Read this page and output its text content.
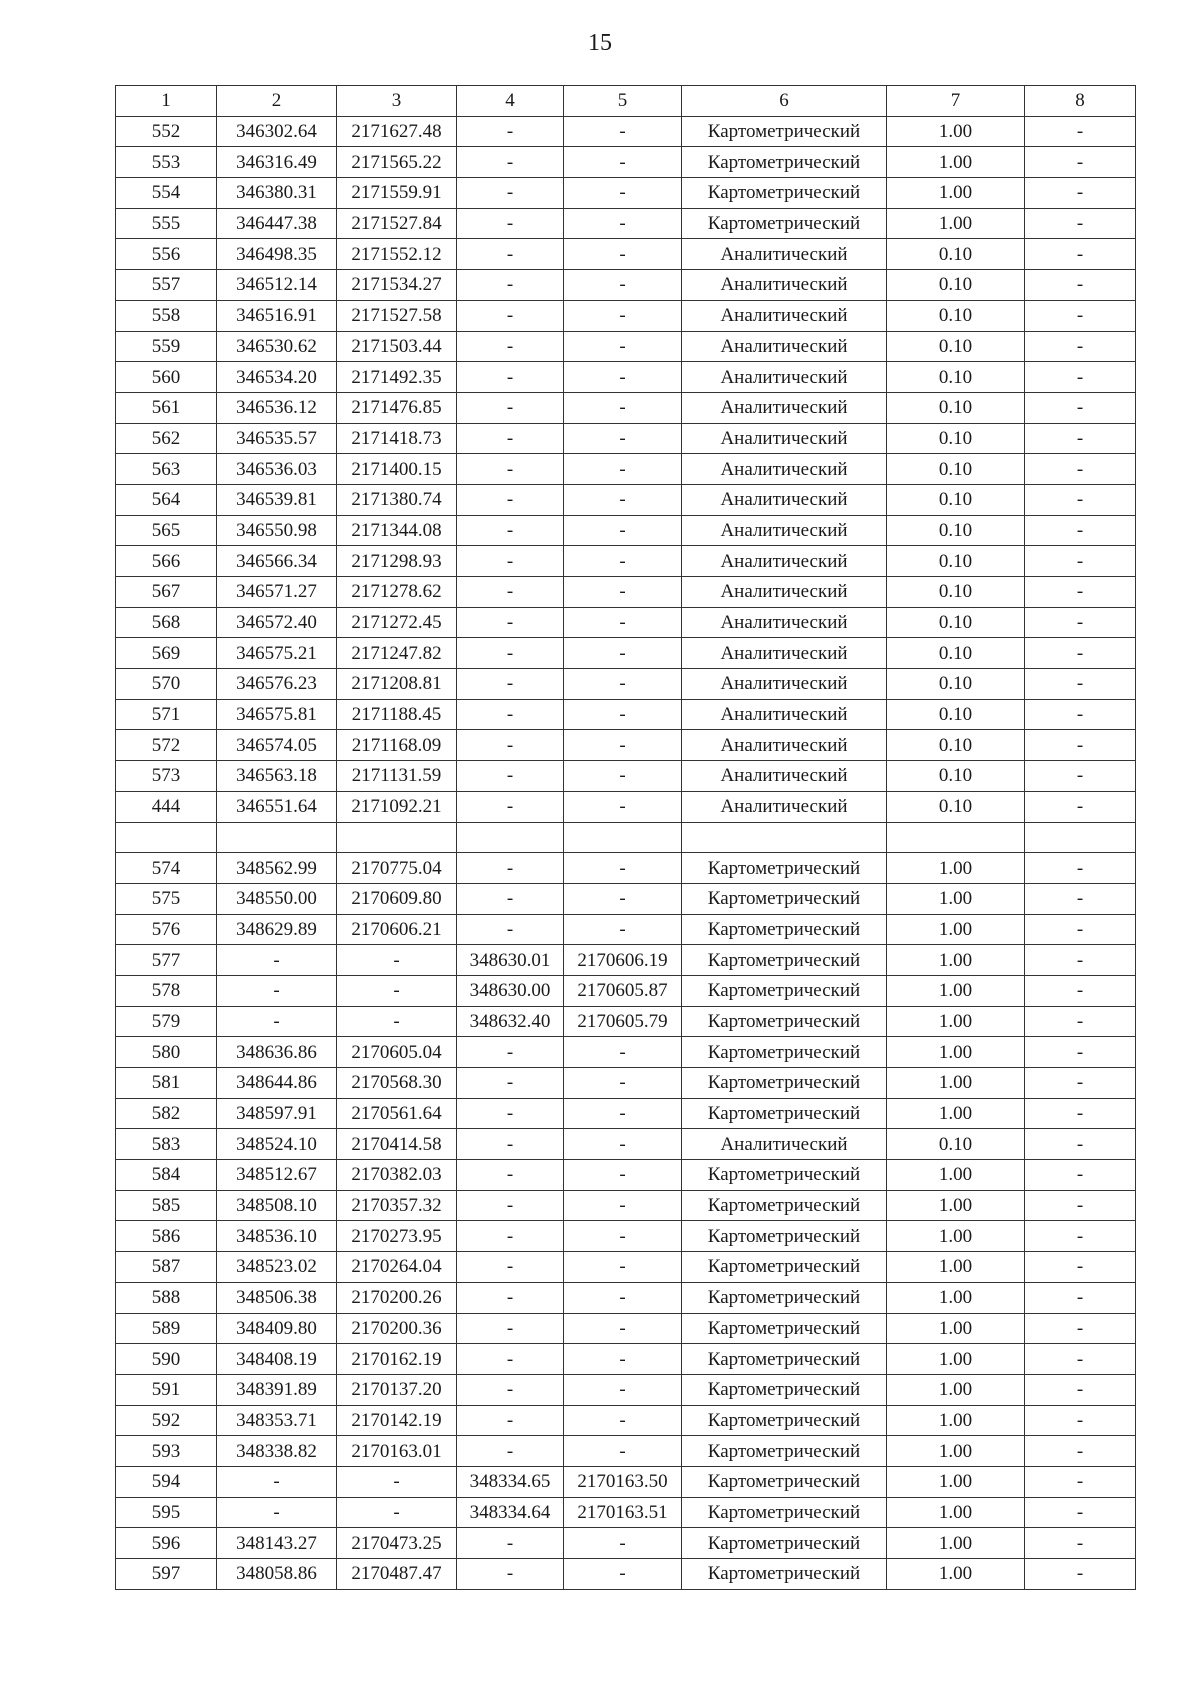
15
1	2	3	4	5	6	7	8
552	346302.64	2171627.48	-	-	Картометрический	1.00	-
553	346316.49	2171565.22	-	-	Картометрический	1.00	-
554	346380.31	2171559.91	-	-	Картометрический	1.00	-
555	346447.38	2171527.84	-	-	Картометрический	1.00	-
556	346498.35	2171552.12	-	-	Аналитический	0.10	-
557	346512.14	2171534.27	-	-	Аналитический	0.10	-
558	346516.91	2171527.58	-	-	Аналитический	0.10	-
559	346530.62	2171503.44	-	-	Аналитический	0.10	-
560	346534.20	2171492.35	-	-	Аналитический	0.10	-
561	346536.12	2171476.85	-	-	Аналитический	0.10	-
562	346535.57	2171418.73	-	-	Аналитический	0.10	-
563	346536.03	2171400.15	-	-	Аналитический	0.10	-
564	346539.81	2171380.74	-	-	Аналитический	0.10	-
565	346550.98	2171344.08	-	-	Аналитический	0.10	-
566	346566.34	2171298.93	-	-	Аналитический	0.10	-
567	346571.27	2171278.62	-	-	Аналитический	0.10	-
568	346572.40	2171272.45	-	-	Аналитический	0.10	-
569	346575.21	2171247.82	-	-	Аналитический	0.10	-
570	346576.23	2171208.81	-	-	Аналитический	0.10	-
571	346575.81	2171188.45	-	-	Аналитический	0.10	-
572	346574.05	2171168.09	-	-	Аналитический	0.10	-
573	346563.18	2171131.59	-	-	Аналитический	0.10	-
444	346551.64	2171092.21	-	-	Аналитический	0.10	-

574	348562.99	2170775.04	-	-	Картометрический	1.00	-
575	348550.00	2170609.80	-	-	Картометрический	1.00	-
576	348629.89	2170606.21	-	-	Картометрический	1.00	-
577	-	-	348630.01	2170606.19	Картометрический	1.00	-
578	-	-	348630.00	2170605.87	Картометрический	1.00	-
579	-	-	348632.40	2170605.79	Картометрический	1.00	-
580	348636.86	2170605.04	-	-	Картометрический	1.00	-
581	348644.86	2170568.30	-	-	Картометрический	1.00	-
582	348597.91	2170561.64	-	-	Картометрический	1.00	-
583	348524.10	2170414.58	-	-	Аналитический	0.10	-
584	348512.67	2170382.03	-	-	Картометрический	1.00	-
585	348508.10	2170357.32	-	-	Картометрический	1.00	-
586	348536.10	2170273.95	-	-	Картометрический	1.00	-
587	348523.02	2170264.04	-	-	Картометрический	1.00	-
588	348506.38	2170200.26	-	-	Картометрический	1.00	-
589	348409.80	2170200.36	-	-	Картометрический	1.00	-
590	348408.19	2170162.19	-	-	Картометрический	1.00	-
591	348391.89	2170137.20	-	-	Картометрический	1.00	-
592	348353.71	2170142.19	-	-	Картометрический	1.00	-
593	348338.82	2170163.01	-	-	Картометрический	1.00	-
594	-	-	348334.65	2170163.50	Картометрический	1.00	-
595	-	-	348334.64	2170163.51	Картометрический	1.00	-
596	348143.27	2170473.25	-	-	Картометрический	1.00	-
597	348058.86	2170487.47	-	-	Картометрический	1.00	-
